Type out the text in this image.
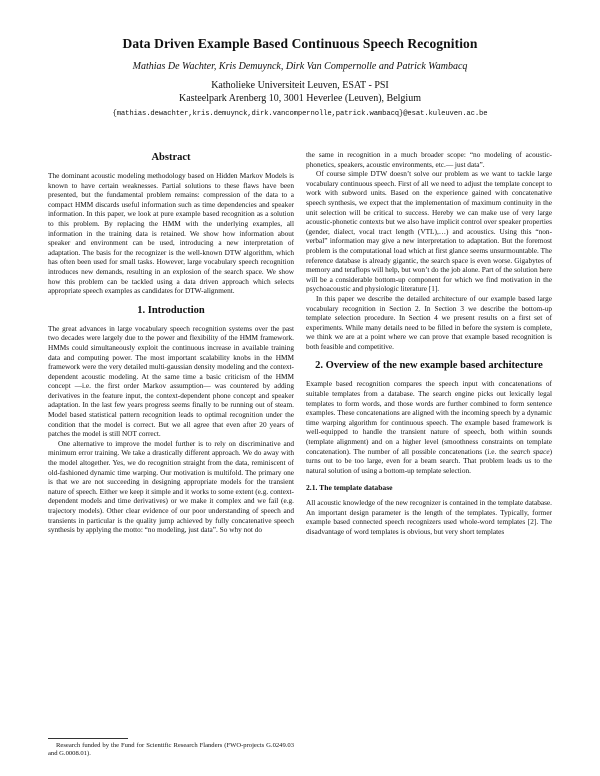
Data Driven Example Based Continuous Speech Recognition
Mathias De Wachter, Kris Demuynck, Dirk Van Compernolle and Patrick Wambacq
Katholieke Universiteit Leuven, ESAT - PSI
Kasteelpark Arenberg 10, 3001 Heverlee (Leuven), Belgium
{mathias.dewachter,kris.demuynck,dirk.vancompernolle,patrick.wambacq}@esat.kuleuven.ac.be
Abstract

The dominant acoustic modeling methodology based on Hidden Markov Models is known to have certain weaknesses. Partial solutions to these flaws have been presented, but the fundamental problem remains: compression of the data to a compact HMM discards useful information such as time dependencies and speaker information. In this paper, we look at pure example based recognition as a solution to this problem. By replacing the HMM with the underlying examples, all information in the training data is retained. We show how information about speaker and environment can be used, introducing a new interpretation of adaptation. The basis for the recognizer is the well-known DTW algorithm, which has often been used for small tasks. However, large vocabulary speech recognition introduces new demands, resulting in an explosion of the search space. We show how this problem can be tackled using a data driven approach which selects appropriate speech examples as candidates for DTW-alignment.

1. Introduction

The great advances in large vocabulary speech recognition systems over the past two decades were largely due to the power and flexibility of the HMM framework. HMMs could simultaneously exploit the continuous increase in available training data and computing power. The most important scalability knobs in the HMM framework were the very detailed multi-gaussian density modeling and the context-dependent acoustic modeling. At the same time a basic criticism of the HMM concept —i.e. the first order Markov assumption— was countered by adding derivatives in the feature input, the context-dependent phone concept and speaker adaptation. In the last few years progress seems finally to be running out of steam. Model based statistical pattern recognition leads to optimal recognition under the condition that the model is correct. But we all agree that even after 20 years of patches the model is still NOT correct.

One alternative to improve the model further is to rely on discriminative and minimum error training. We take a drastically different approach. We do away with the model altogether. Yes, we do recognition straight from the data, reminiscent of old-fashioned dynamic time warping. Our motivation is multifold. The primary one is that we are not succeeding in designing appropriate models for the transient nature of speech. Either we keep it simple and it works to some extent (e.g. context-dependent models and time derivatives) or we make it complex and we fail (e.g. trajectory models). Other clear evidence of our poor understanding of speech and transients in particular is the quality jump achieved by fully concatenative speech synthesis by applying the motto: “no modeling, just data”. So why not do

Research funded by the Fund for Scientific Research Flanders (FWO-projects G.0249.03 and G.0008.01).

the same in recognition in a much broader scope: “no modeling of acoustic-phonetics, speakers, acoustic environments, etc.— just data”.

Of course simple DTW doesn’t solve our problem as we want to tackle large vocabulary continuous speech. First of all we need to adjust the template concept to work with subword units. Based on the experience gained with concatenative speech synthesis, we expect that the implementation of maximum continuity in the unit selection will be critical to success. Hereby we can make use of very large acoustic-phonetic contexts but we also have implicit control over speaker properties (gender, dialect, vocal tract length (VTL),…) and acoustics. Using this “non-verbal” information may give a new interpretation to adaptation. But the foremost problem is the computational load which at first glance seems unsurmountable. The reference database is already gigantic, the search space is even worse. Gigabytes of memory and teraflops will help, but won’t do the job alone. Part of the solution here will be a considerable bottom-up component for which we find motivation in the psychoacoustic and physiologic literature [1].

In this paper we describe the detailed architecture of our example based large vocabulary recognition in Section 2. In Section 3 we describe the bottom-up template selection procedure. In Section 4 we present results on a first set of experiments. While many details need to be filled in before the system is complete, we think we are at a point where we can prove that example based recognition is both feasible and competitive.

2. Overview of the new example based architecture

Example based recognition compares the speech input with concatenations of suitable templates from a database. The search engine picks out lexically legal templates to form words, and those words are further combined to form sentence examples. These concatenations are aligned with the incoming speech by a dynamic time warping algorithm for continuous speech. The example based framework is well-equipped to handle the transient nature of speech, both within sounds (template alignment) and on a higher level (smoothness constraints on template concatenation). The number of all possible concatenations (i.e. the search space) turns out to be too large, even for a beam search. That problem leads us to the natural solution of using a bottom-up template selection.

2.1. The template database

All acoustic knowledge of the new recognizer is contained in the template database. An important design parameter is the length of the templates. Typically, former example based connected speech recognizers used whole-word templates [2]. The disadvantage of word templates is obvious, but very short templates
